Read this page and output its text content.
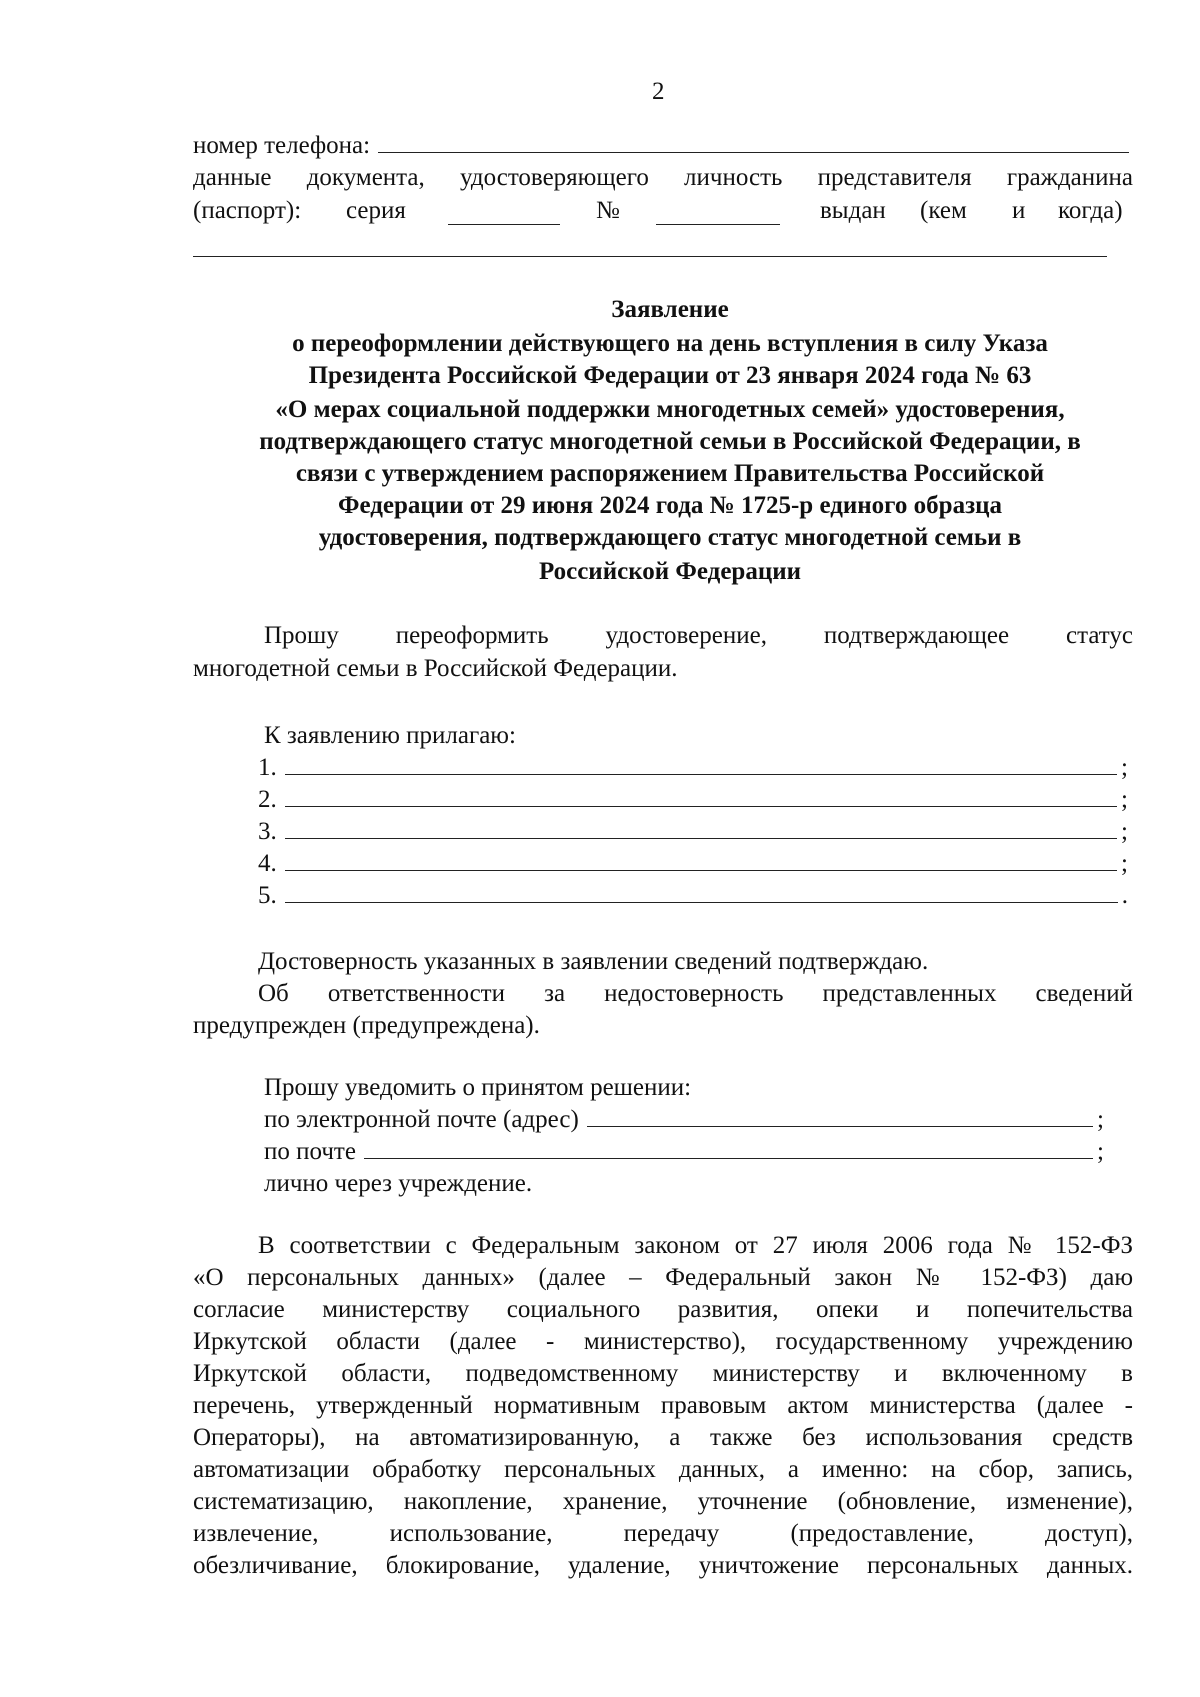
2
номер телефона:
данные документа, удостоверяющего личность представителя гражданина
(паспорт): серия	№	выдан (кем и когда)
Заявление
о переоформлении действующего на день вступления в силу Указа
Президента Российской Федерации от 23 января 2024 года № 63
«О мерах социальной поддержки многодетных семей» удостоверения,
подтверждающего статус многодетной семьи в Российской Федерации, в
связи с утверждением распоряжением Правительства Российской
Федерации от 29 июня 2024 года № 1725-р единого образца
удостоверения, подтверждающего статус многодетной семьи в
Российской Федерации
Прошу переоформить удостоверение, подтверждающее статус
многодетной семьи в Российской Федерации.
К заявлению прилагаю:
1.	;
2.	;
3.	;
4.	;
5.	.
Достоверность указанных в заявлении сведений подтверждаю.
Об ответственности за недостоверность представленных сведений
предупрежден (предупреждена).
Прошу уведомить о принятом решении:
по электронной почте (адрес)	;
по почте	;
лично через учреждение.
В соответствии с Федеральным законом от 27 июля 2006 года № 152-ФЗ
«О персональных данных» (далее – Федеральный закон № 152-ФЗ) даю
согласие министерству социального развития, опеки и попечительства
Иркутской области (далее - министерство), государственному учреждению
Иркутской области, подведомственному министерству и включенному в
перечень, утвержденный нормативным правовым актом министерства (далее -
Операторы), на автоматизированную, а также без использования средств
автоматизации обработку персональных данных, а именно: на сбор, запись,
систематизацию, накопление, хранение, уточнение (обновление, изменение),
извлечение, использование, передачу (предоставление, доступ),
обезличивание, блокирование, удаление, уничтожение персональных данных.
